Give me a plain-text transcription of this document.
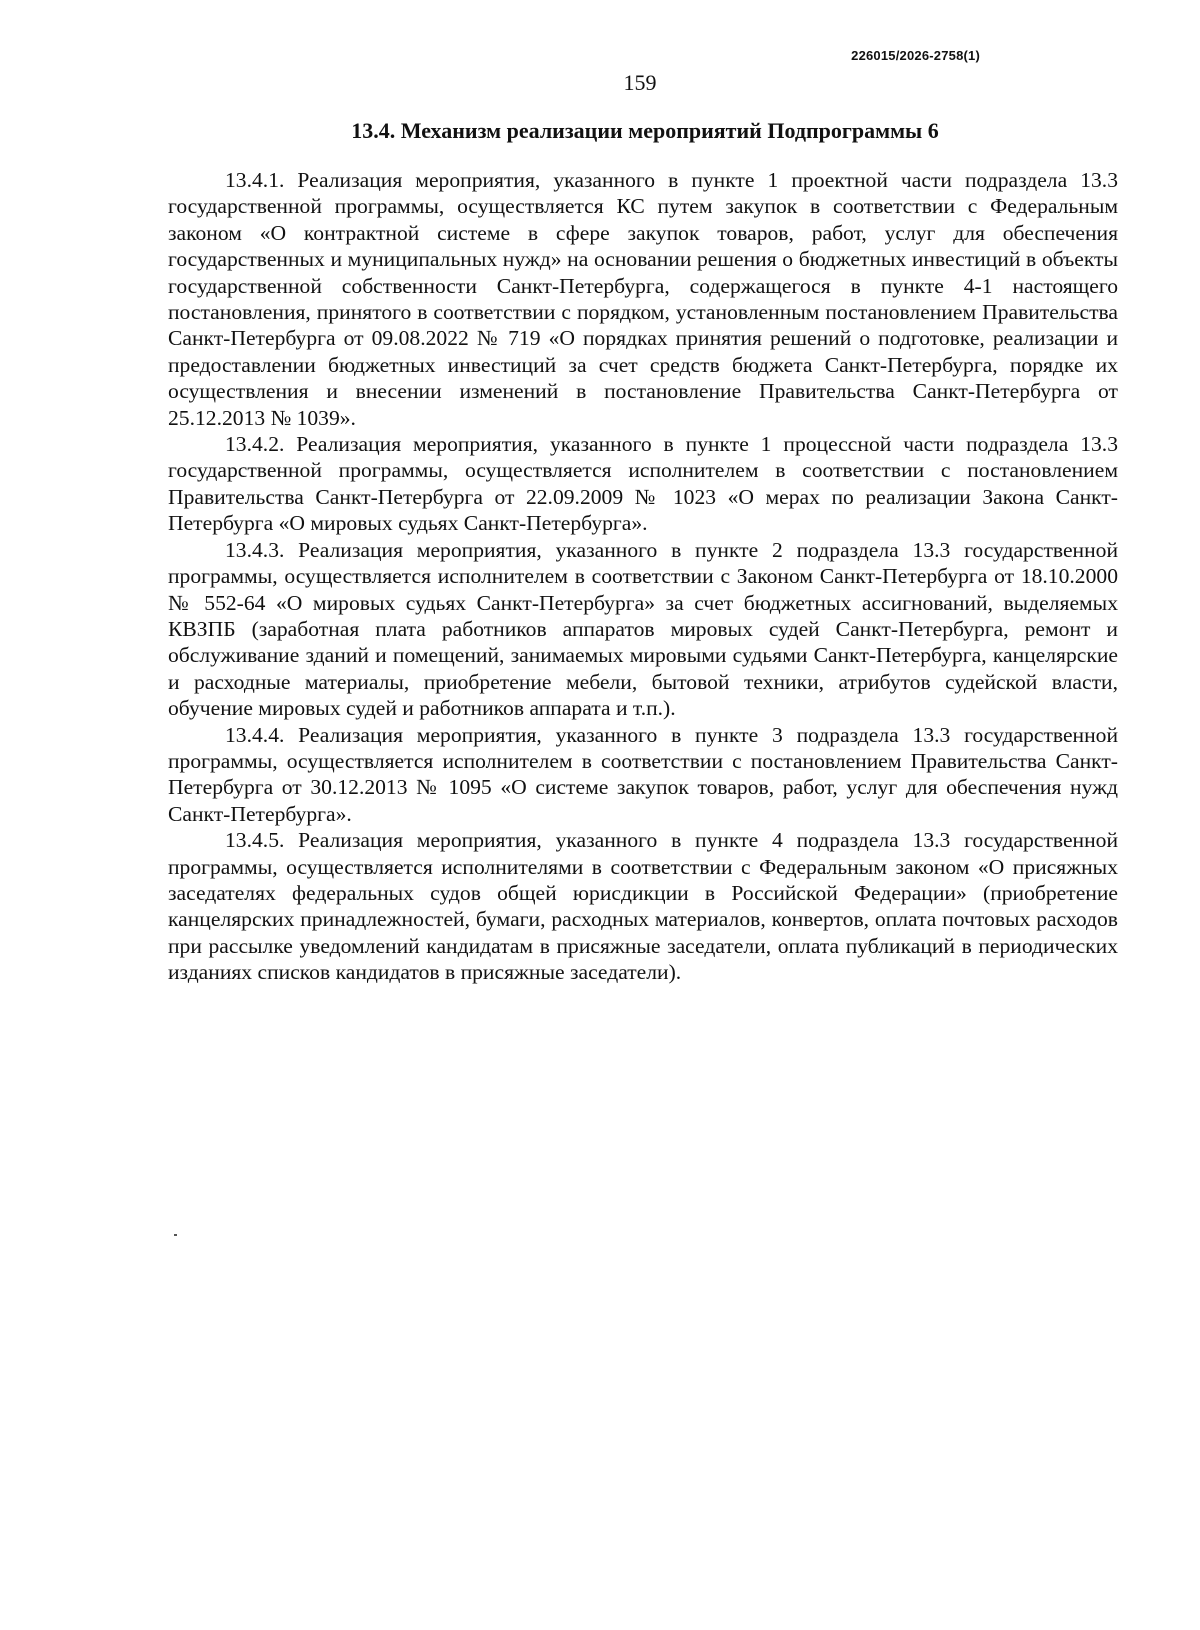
226015/2026-2758(1)
159
13.4. Механизм реализации мероприятий Подпрограммы 6

13.4.1. Реализация мероприятия, указанного в пункте 1 проектной части подраздела 13.3 государственной программы, осуществляется КС путем закупок в соответствии с Федеральным законом «О контрактной системе в сфере закупок товаров, работ, услуг для обеспечения государственных и муниципальных нужд» на основании решения о бюджетных инвестиций в объекты государственной собственности Санкт-Петербурга, содержащегося в пункте 4-1 настоящего постановления, принятого в соответствии с порядком, установленным постановлением Правительства Санкт-Петербурга от 09.08.2022 № 719 «О порядках принятия решений о подготовке, реализации и предоставлении бюджетных инвестиций за счет средств бюджета Санкт-Петербурга, порядке их осуществления и внесении изменений в постановление Правительства Санкт-Петербурга от 25.12.2013 № 1039».

13.4.2. Реализация мероприятия, указанного в пункте 1 процессной части подраздела 13.3 государственной программы, осуществляется исполнителем в соответствии с постановлением Правительства Санкт-Петербурга от 22.09.2009 № 1023 «О мерах по реализации Закона Санкт-Петербурга «О мировых судьях Санкт-Петербурга».

13.4.3. Реализация мероприятия, указанного в пункте 2 подраздела 13.3 государственной программы, осуществляется исполнителем в соответствии с Законом Санкт-Петербурга от 18.10.2000 № 552-64 «О мировых судьях Санкт-Петербурга» за счет бюджетных ассигнований, выделяемых КВЗПБ (заработная плата работников аппаратов мировых судей Санкт-Петербурга, ремонт и обслуживание зданий и помещений, занимаемых мировыми судьями Санкт-Петербурга, канцелярские и расходные материалы, приобретение мебели, бытовой техники, атрибутов судейской власти, обучение мировых судей и работников аппарата и т.п.).

13.4.4. Реализация мероприятия, указанного в пункте 3 подраздела 13.3 государственной программы, осуществляется исполнителем в соответствии с постановлением Правительства Санкт-Петербурга от 30.12.2013 № 1095 «О системе закупок товаров, работ, услуг для обеспечения нужд Санкт-Петербурга».

13.4.5. Реализация мероприятия, указанного в пункте 4 подраздела 13.3 государственной программы, осуществляется исполнителями в соответствии с Федеральным законом «О присяжных заседателях федеральных судов общей юрисдикции в Российской Федерации» (приобретение канцелярских принадлежностей, бумаги, расходных материалов, конвертов, оплата почтовых расходов при рассылке уведомлений кандидатам в присяжные заседатели, оплата публикаций в периодических изданиях списков кандидатов в присяжные заседатели).
